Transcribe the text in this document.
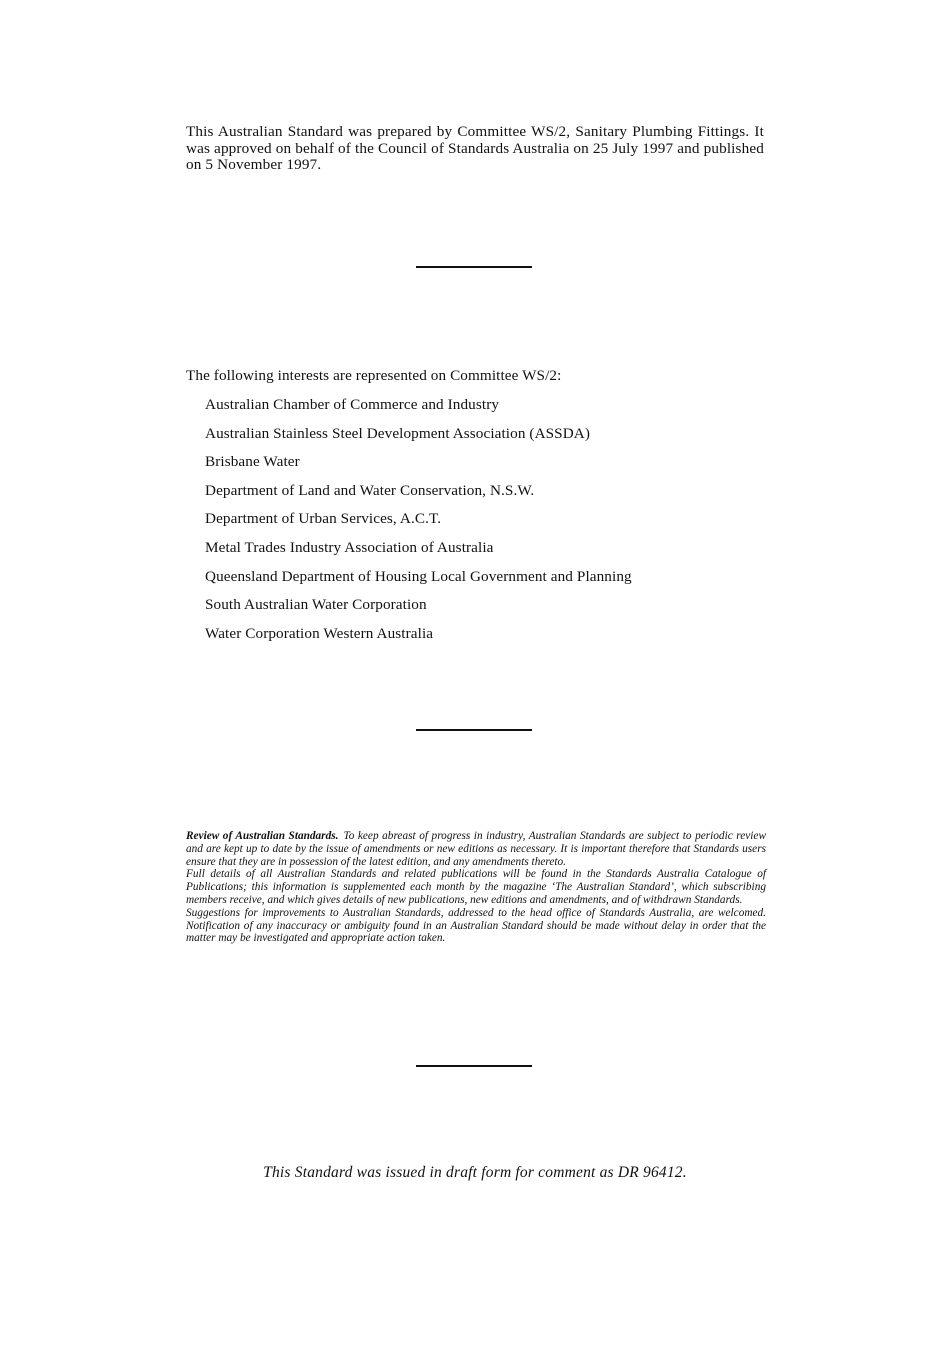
This Australian Standard was prepared by Committee WS/2, Sanitary Plumbing Fittings. It was approved on behalf of the Council of Standards Australia on 25 July 1997 and published on 5 November 1997.

The following interests are represented on Committee WS/2:

Australian Chamber of Commerce and Industry
Australian Stainless Steel Development Association (ASSDA)
Brisbane Water
Department of Land and Water Conservation, N.S.W.
Department of Urban Services, A.C.T.
Metal Trades Industry Association of Australia
Queensland Department of Housing Local Government and Planning
South Australian Water Corporation
Water Corporation Western Australia

Review of Australian Standards. To keep abreast of progress in industry, Australian Standards are subject to periodic review and are kept up to date by the issue of amendments or new editions as necessary. It is important therefore that Standards users ensure that they are in possession of the latest edition, and any amendments thereto.

Full details of all Australian Standards and related publications will be found in the Standards Australia Catalogue of Publications; this information is supplemented each month by the magazine ‘The Australian Standard’, which subscribing members receive, and which gives details of new publications, new editions and amendments, and of withdrawn Standards.

Suggestions for improvements to Australian Standards, addressed to the head office of Standards Australia, are welcomed. Notification of any inaccuracy or ambiguity found in an Australian Standard should be made without delay in order that the matter may be investigated and appropriate action taken.

This Standard was issued in draft form for comment as DR 96412.
